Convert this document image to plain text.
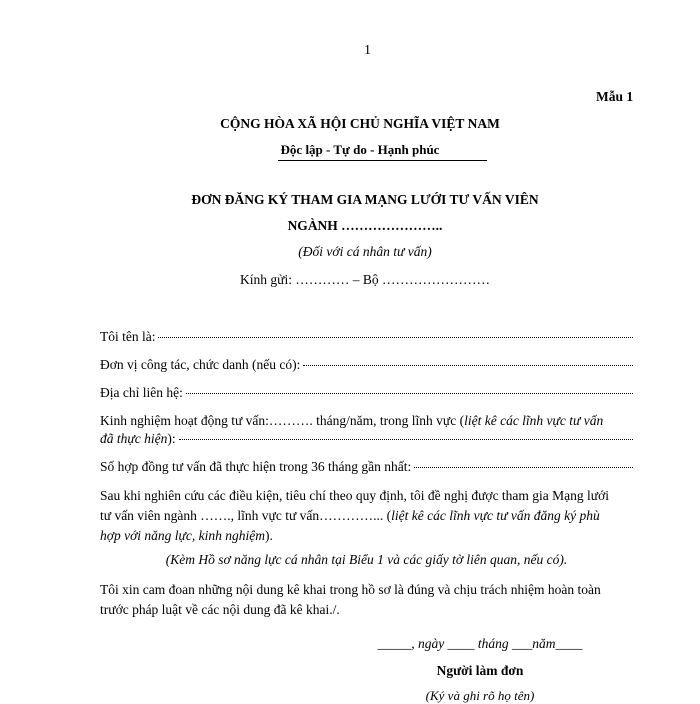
1
Mẫu 1
CỘNG HÒA XÃ HỘI CHỦ NGHĨA VIỆT NAM
Độc lập - Tự do - Hạnh phúc
ĐƠN ĐĂNG KÝ THAM GIA MẠNG LƯỚI TƯ VẤN VIÊN
NGÀNH …………………..
(Đối với cá nhân tư vấn)
Kính gửi: ………… – Bộ ……………………
Tôi tên là:
Đơn vị công tác, chức danh (nếu có):
Địa chỉ liên hệ:
Kinh nghiệm hoạt động tư vấn:………. tháng/năm, trong lĩnh vực (liệt kê các lĩnh vực tư vấn
đã thực hiện ):
Số hợp đồng tư vấn đã thực hiện trong 36 tháng gần nhất:
Sau khi nghiên cứu các điều kiện, tiêu chí theo quy định, tôi đề nghị được tham gia Mạng lưới
tư vấn viên ngành ……., lĩnh vực tư vấn…………... (liệt kê các lĩnh vực tư vấn đăng ký phù
hợp với năng lực, kinh nghiệm).
(Kèm Hồ sơ năng lực cá nhân tại Biểu 1 và các giấy tờ liên quan, nếu có).
Tôi xin cam đoan những nội dung kê khai trong hồ sơ là đúng và chịu trách nhiệm hoàn toàn
trước pháp luật về các nội dung đã kê khai./.
_____, ngày ____ tháng ___năm____
Người làm đơn
(Ký và ghi rõ họ tên)
